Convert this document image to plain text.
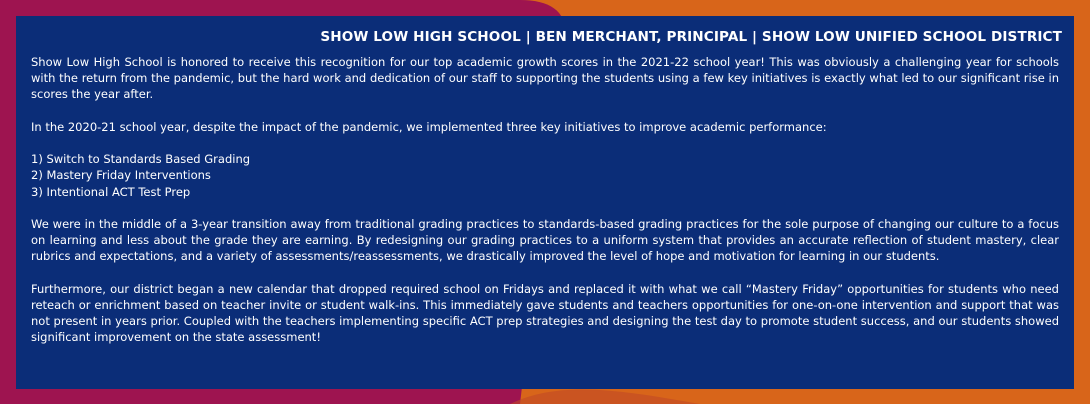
SHOW LOW HIGH SCHOOL | BEN MERCHANT, PRINCIPAL | SHOW LOW UNIFIED SCHOOL DISTRICT

Show Low High School is honored to receive this recognition for our top academic growth scores in the 2021-22 school year! This was obviously a challenging year for schools with the return from the pandemic, but the hard work and dedication of our staff to supporting the students using a few key initiatives is exactly what led to our significant rise in scores the year after.

In the 2020-21 school year, despite the impact of the pandemic, we implemented three key initiatives to improve academic performance:

1) Switch to Standards Based Grading
2) Mastery Friday Interventions
3) Intentional ACT Test Prep

We were in the middle of a 3-year transition away from traditional grading practices to standards-based grading practices for the sole purpose of changing our culture to a focus on learning and less about the grade they are earning. By redesigning our grading practices to a uniform system that provides an accurate reflection of student mastery, clear rubrics and expectations, and a variety of assessments/reassessments, we drastically improved the level of hope and motivation for learning in our students.

Furthermore, our district began a new calendar that dropped required school on Fridays and replaced it with what we call “Mastery Friday” opportunities for students who need reteach or enrichment based on teacher invite or student walk-ins. This immediately gave students and teachers opportunities for one-on-one intervention and support that was not present in years prior. Coupled with the teachers implementing specific ACT prep strategies and designing the test day to promote student success, and our students showed significant improvement on the state assessment!
